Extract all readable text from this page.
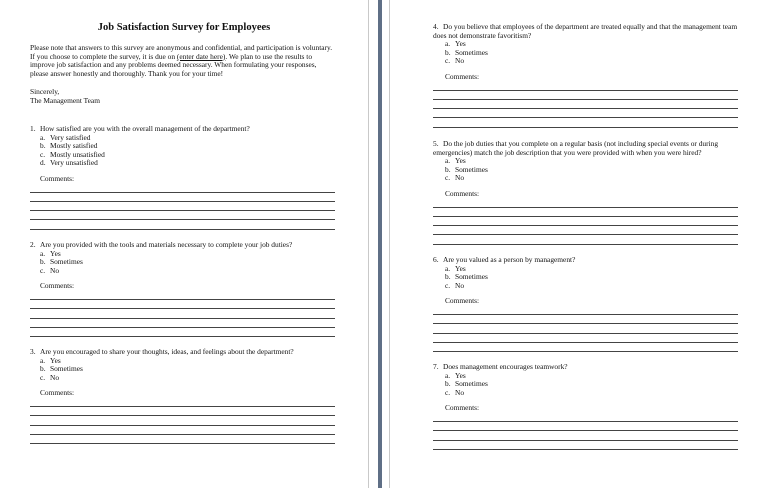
Job Satisfaction Survey for Employees

Please note that answers to this survey are anonymous and confidential, and participation is voluntary. If you choose to complete the survey, it is due on (enter date here). We plan to use the results to improve job satisfaction and any problems deemed necessary. When formulating your responses, please answer honestly and thoroughly. Thank you for your time!

Sincerely,
The Management Team

1. How satisfied are you with the overall management of the department?

a. Very satisfied
b. Mostly satisfied
c. Mostly unsatisfied
d. Very unsatisfied
Comments:

2. Are you provided with the tools and materials necessary to complete your job duties?

a. Yes
b. Sometimes
c. No
Comments:

3. Are you encouraged to share your thoughts, ideas, and feelings about the department?

a. Yes
b. Sometimes
c. No
Comments:

4. Do you believe that employees of the department are treated equally and that the management team does not demonstrate favoritism?

a. Yes
b. Sometimes
c. No
Comments:

5. Do the job duties that you complete on a regular basis (not including special events or during emergencies) match the job description that you were provided with when you were hired?

a. Yes
b. Sometimes
c. No
Comments:

6. Are you valued as a person by management?

a. Yes
b. Sometimes
c. No
Comments:

7. Does management encourages teamwork?

a. Yes
b. Sometimes
c. No
Comments:
